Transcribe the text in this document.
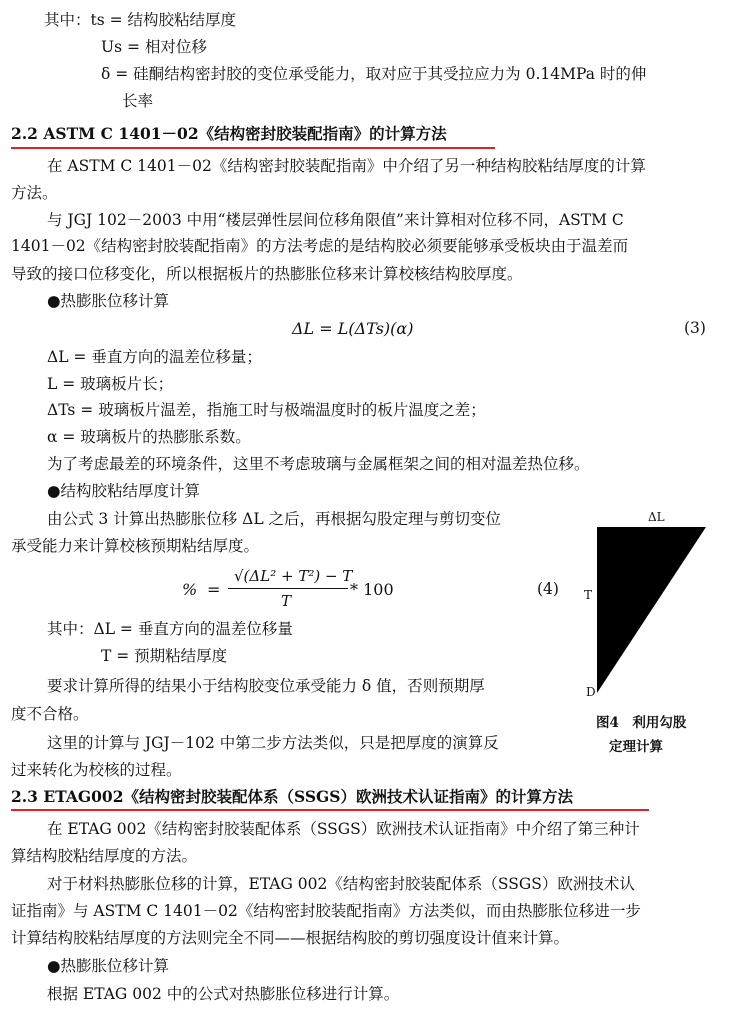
其中：ts = 结构胶粘结厚度
Us = 相对位移
δ = 硅酮结构密封胶的变位承受能力，取对应于其受拉应力为 0.14MPa 时的伸
长率
2.2 ASTM C 1401－02《结构密封胶装配指南》的计算方法
在 ASTM C 1401－02《结构密封胶装配指南》中介绍了另一种结构胶粘结厚度的计算
方法。
与 JGJ 102－2003 中用“楼层弹性层间位移角限值”来计算相对位移不同，ASTM C
1401－02《结构密封胶装配指南》的方法考虑的是结构胶必须要能够承受板块由于温差而
导致的接口位移变化，所以根据板片的热膨胀位移来计算校核结构胶厚度。
●热膨胀位移计算
ΔL = L(ΔTs)(α)	(3)
ΔL = 垂直方向的温差位移量；
L = 玻璃板片长；
ΔTs = 玻璃板片温差，指施工时与极端温度时的板片温度之差；
α = 玻璃板片的热膨胀系数。
为了考虑最差的环境条件，这里不考虑玻璃与金属框架之间的相对温差热位移。
●结构胶粘结厚度计算
由公式 3 计算出热膨胀位移 ΔL 之后，再根据勾股定理与剪切变位
承受能力来计算校核预期粘结厚度。
% =
√(ΔL² + T²) − T
T
* 100	(4)
其中：ΔL = 垂直方向的温差位移量
T = 预期粘结厚度
要求计算所得的结果小于结构胶变位承受能力 δ 值，否则预期厚
度不合格。
这里的计算与 JGJ－102 中第二步方法类似，只是把厚度的演算反
过来转化为校核的过程。
ΔL
T
D
图4　利用勾股
定理计算
2.3 ETAG002《结构密封胶装配体系（SSGS）欧洲技术认证指南》的计算方法
在 ETAG 002《结构密封胶装配体系（SSGS）欧洲技术认证指南》中介绍了第三种计
算结构胶粘结厚度的方法。
对于材料热膨胀位移的计算，ETAG 002《结构密封胶装配体系（SSGS）欧洲技术认
证指南》与 ASTM C 1401－02《结构密封胶装配指南》方法类似，而由热膨胀位移进一步
计算结构胶粘结厚度的方法则完全不同——根据结构胶的剪切强度设计值来计算。
●热膨胀位移计算
根据 ETAG 002 中的公式对热膨胀位移进行计算。
